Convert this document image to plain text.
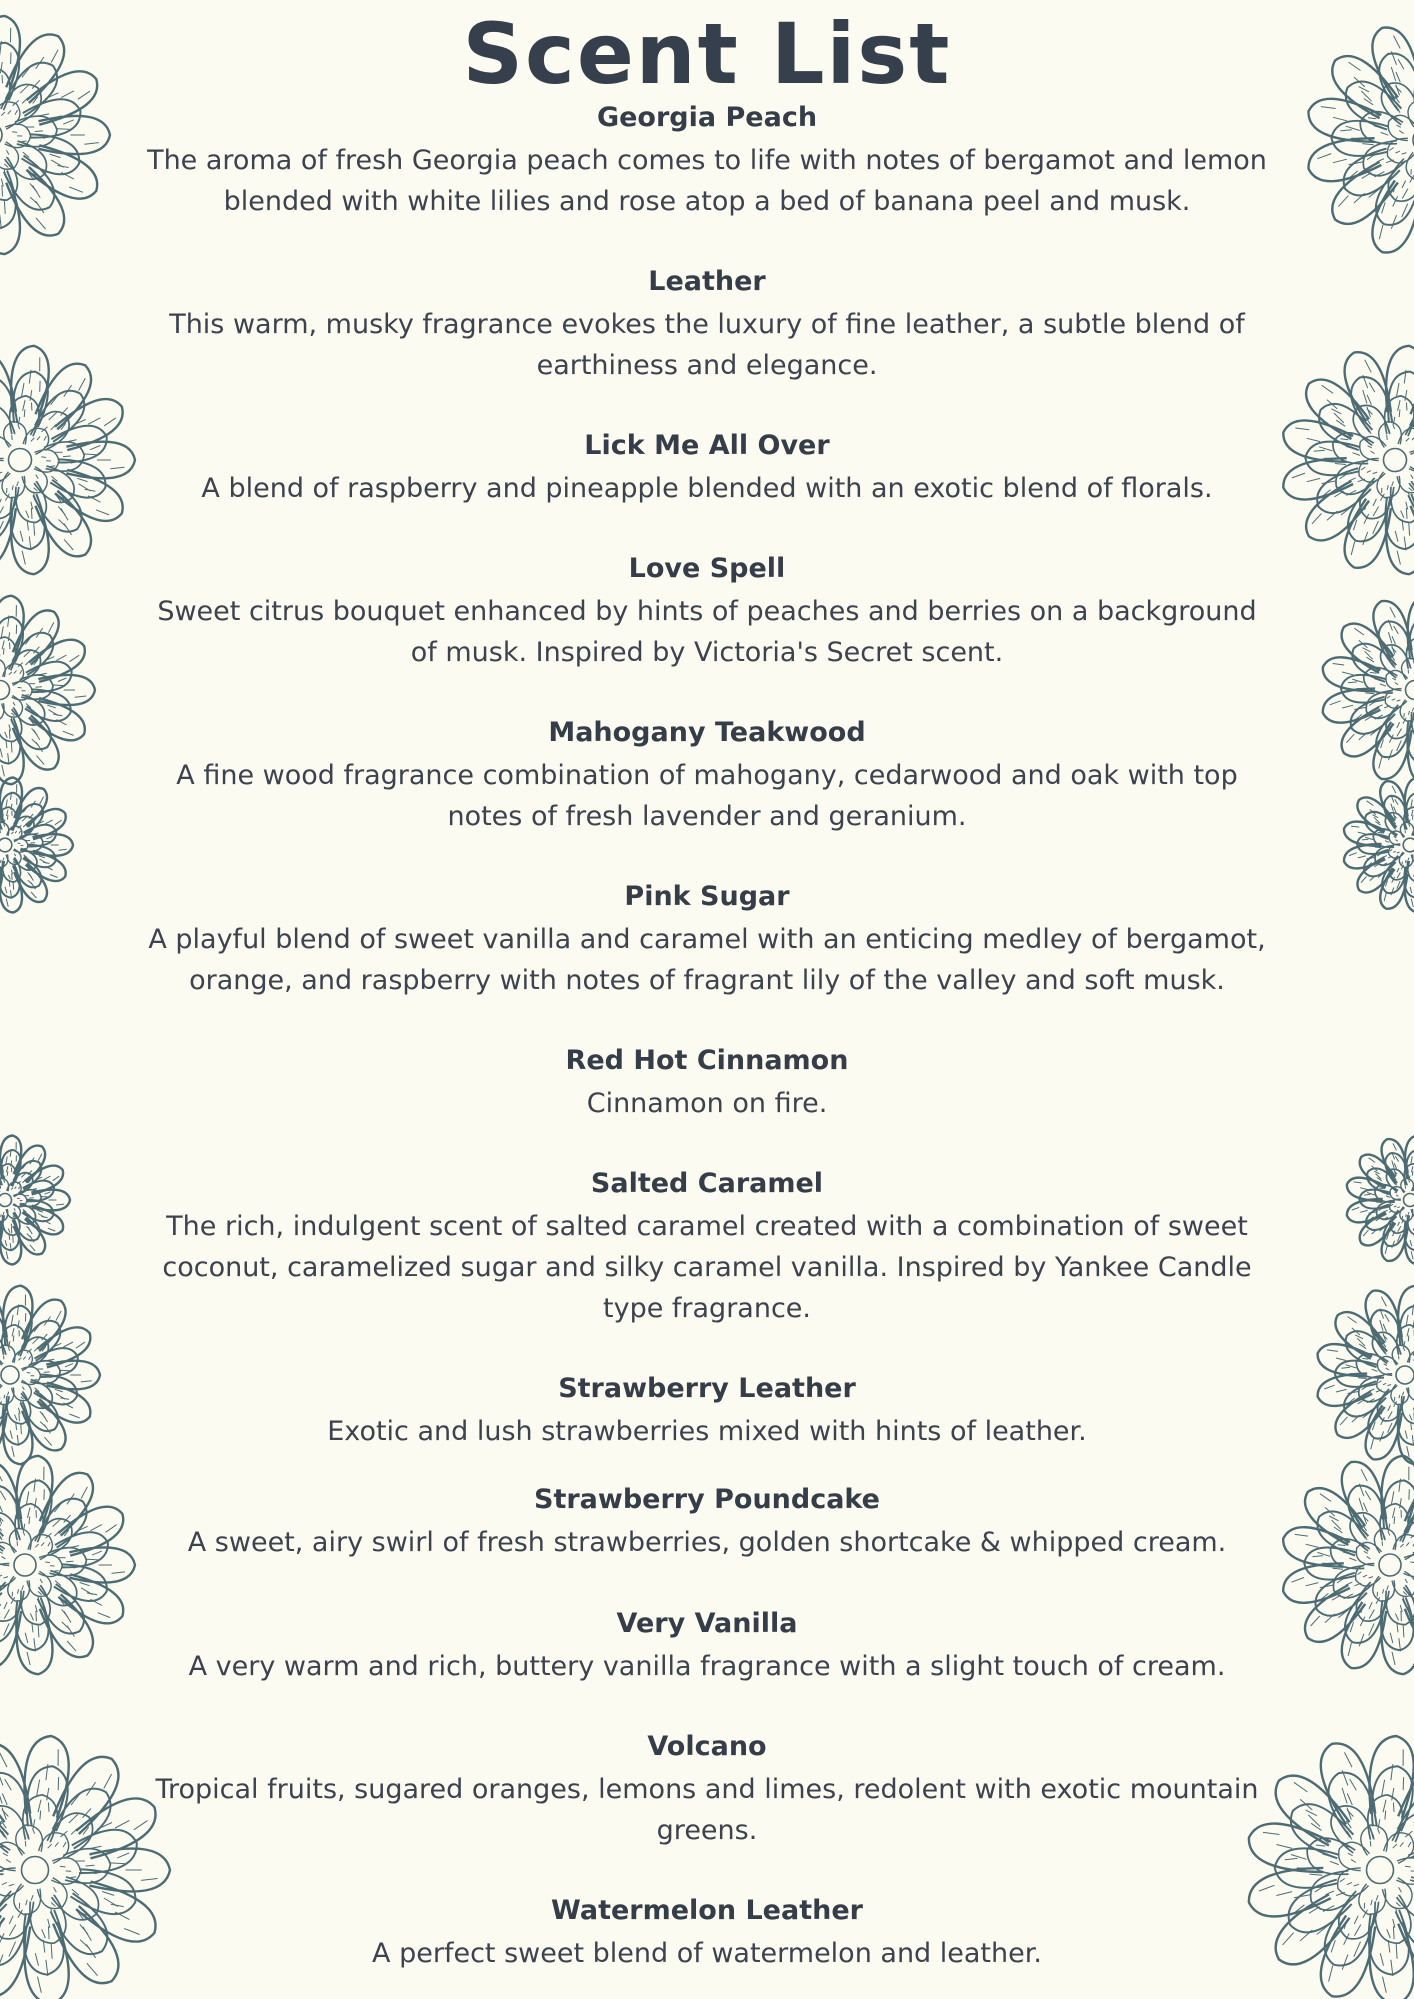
Scent List
Georgia Peach
The aroma of fresh Georgia peach comes to life with notes of bergamot and lemon
blended with white lilies and rose atop a bed of banana peel and musk.
Leather
This warm, musky fragrance evokes the luxury of fine leather, a subtle blend of
earthiness and elegance.
Lick Me All Over
A blend of raspberry and pineapple blended with an exotic blend of florals.
Love Spell
Sweet citrus bouquet enhanced by hints of peaches and berries on a background
of musk. Inspired by Victoria's Secret scent.
Mahogany Teakwood
A fine wood fragrance combination of mahogany, cedarwood and oak with top
notes of fresh lavender and geranium.
Pink Sugar
A playful blend of sweet vanilla and caramel with an enticing medley of bergamot,
orange, and raspberry with notes of fragrant lily of the valley and soft musk.
Red Hot Cinnamon
Cinnamon on fire.
Salted Caramel
The rich, indulgent scent of salted caramel created with a combination of sweet
coconut, caramelized sugar and silky caramel vanilla. Inspired by Yankee Candle
type fragrance.
Strawberry Leather
Exotic and lush strawberries mixed with hints of leather.
Strawberry Poundcake
A sweet, airy swirl of fresh strawberries, golden shortcake & whipped cream.
Very Vanilla
A very warm and rich, buttery vanilla fragrance with a slight touch of cream.
Volcano
Tropical fruits, sugared oranges, lemons and limes, redolent with exotic mountain
greens.
Watermelon Leather
A perfect sweet blend of watermelon and leather.
